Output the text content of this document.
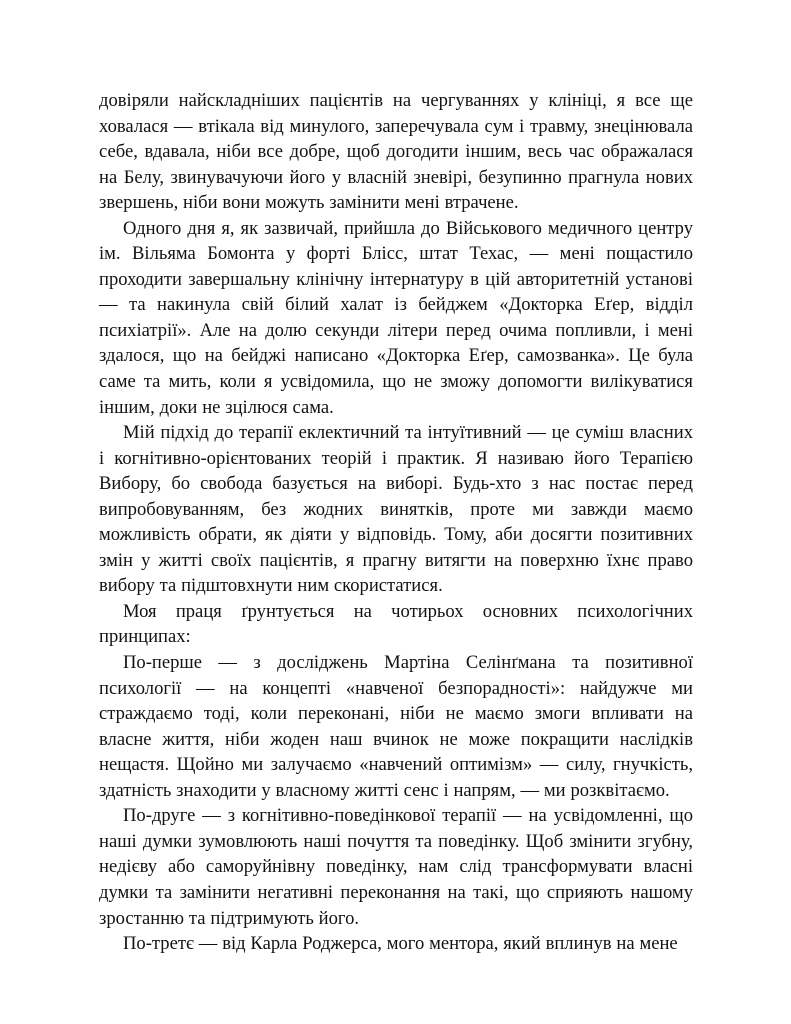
довіряли найскладніших пацієнтів на чергуваннях у клініці, я все ще ховалася — втікала від минулого, заперечувала сум і травму, знецінювала себе, вдавала, ніби все добре, щоб догодити іншим, весь час ображалася на Белу, звинувачуючи його у власній зневірі, безупинно прагнула нових звершень, ніби вони можуть замінити мені втрачене.

Одного дня я, як зазвичай, прийшла до Військового медичного центру ім. Вільяма Бомонта у форті Блісс, штат Техас, — мені пощастило проходити завершальну клінічну інтернатуру в цій авторитетній установі — та накинула свій білий халат із бейджем «Докторка Еґер, відділ психіатрії». Але на долю секунди літери перед очима попливли, і мені здалося, що на бейджі написано «Докторка Еґер, самозванка». Це була саме та мить, коли я усвідомила, що не зможу допомогти вилікуватися іншим, доки не зцілюся сама.

Мій підхід до терапії еклектичний та інтуїтивний — це суміш власних і когнітивно-орієнтованих теорій і практик. Я називаю його Терапією Вибору, бо свобода базується на виборі. Будь-хто з нас постає перед випробовуванням, без жодних винятків, проте ми завжди маємо можливість обрати, як діяти у відповідь. Тому, аби досягти позитивних змін у житті своїх пацієнтів, я прагну витягти на поверхню їхнє право вибору та підштовхнути ним скористатися.

Моя праця ґрунтується на чотирьох основних психологічних принципах:

По-перше — з досліджень Мартіна Селінґмана та позитивної психології — на концепті «навченої безпорадності»: найдужче ми страждаємо тоді, коли переконані, ніби не маємо змоги впливати на власне життя, ніби жоден наш вчинок не може покращити наслідків нещастя. Щойно ми залучаємо «навчений оптимізм» — силу, гнучкість, здатність знаходити у власному житті сенс і напрям, — ми розквітаємо.

По-друге — з когнітивно-поведінкової терапії — на усвідомленні, що наші думки зумовлюють наші почуття та поведінку. Щоб змінити згубну, недієву або саморуйнівну поведінку, нам слід трансформувати власні думки та замінити негативні переконання на такі, що сприяють нашому зростанню та підтримують його.

По-третє — від Карла Роджерса, мого ментора, який вплинув на мене
